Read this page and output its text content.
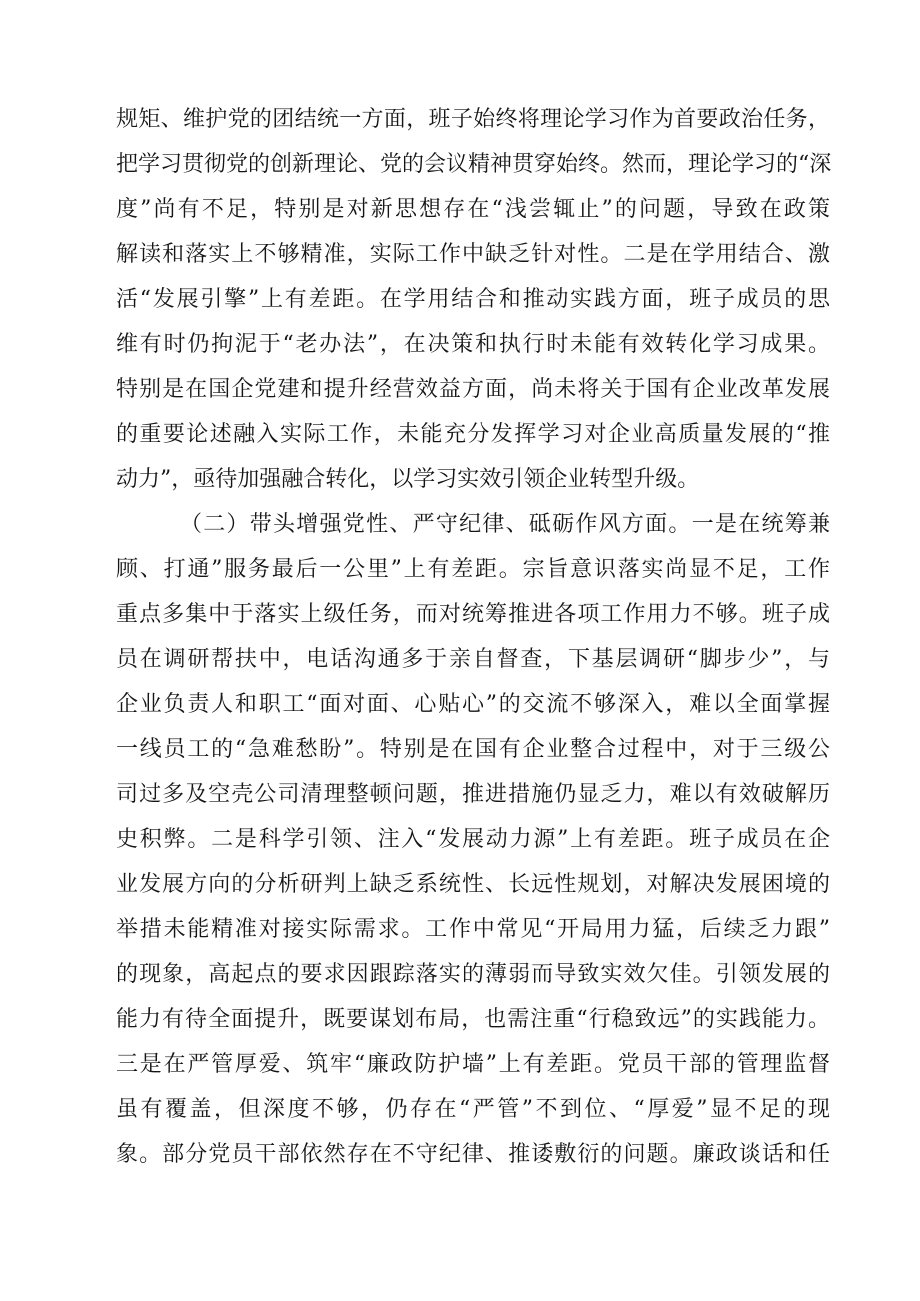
规矩、维护党的团结统一方面，班子始终将理论学习作为首要政治任务，
把学习贯彻党的创新理论、党的会议精神贯穿始终。然而，理论学习的“深
度”尚有不足，特别是对新思想存在“浅尝辄止”的问题，导致在政策
解读和落实上不够精准，实际工作中缺乏针对性。二是在学用结合、激
活“发展引擎”上有差距。在学用结合和推动实践方面，班子成员的思
维有时仍拘泥于“老办法”，在决策和执行时未能有效转化学习成果。
特别是在国企党建和提升经营效益方面，尚未将关于国有企业改革发展
的重要论述融入实际工作，未能充分发挥学习对企业高质量发展的“推
动力”，亟待加强融合转化，以学习实效引领企业转型升级。
（二）带头增强党性、严守纪律、砥砺作风方面。一是在统筹兼
顾、打通”服务最后一公里”上有差距。宗旨意识落实尚显不足，工作
重点多集中于落实上级任务，而对统筹推进各项工作用力不够。班子成
员在调研帮扶中，电话沟通多于亲自督查，下基层调研“脚步少”，与
企业负责人和职工“面对面、心贴心”的交流不够深入，难以全面掌握
一线员工的“急难愁盼”。特别是在国有企业整合过程中，对于三级公
司过多及空壳公司清理整顿问题，推进措施仍显乏力，难以有效破解历
史积弊。二是科学引领、注入“发展动力源”上有差距。班子成员在企
业发展方向的分析研判上缺乏系统性、长远性规划，对解决发展困境的
举措未能精准对接实际需求。工作中常见“开局用力猛，后续乏力跟”
的现象，高起点的要求因跟踪落实的薄弱而导致实效欠佳。引领发展的
能力有待全面提升，既要谋划布局，也需注重“行稳致远”的实践能力。
三是在严管厚爱、筑牢“廉政防护墙”上有差距。党员干部的管理监督
虽有覆盖，但深度不够，仍存在“严管”不到位、“厚爱”显不足的现
象。部分党员干部依然存在不守纪律、推诿敷衍的问题。廉政谈话和任
